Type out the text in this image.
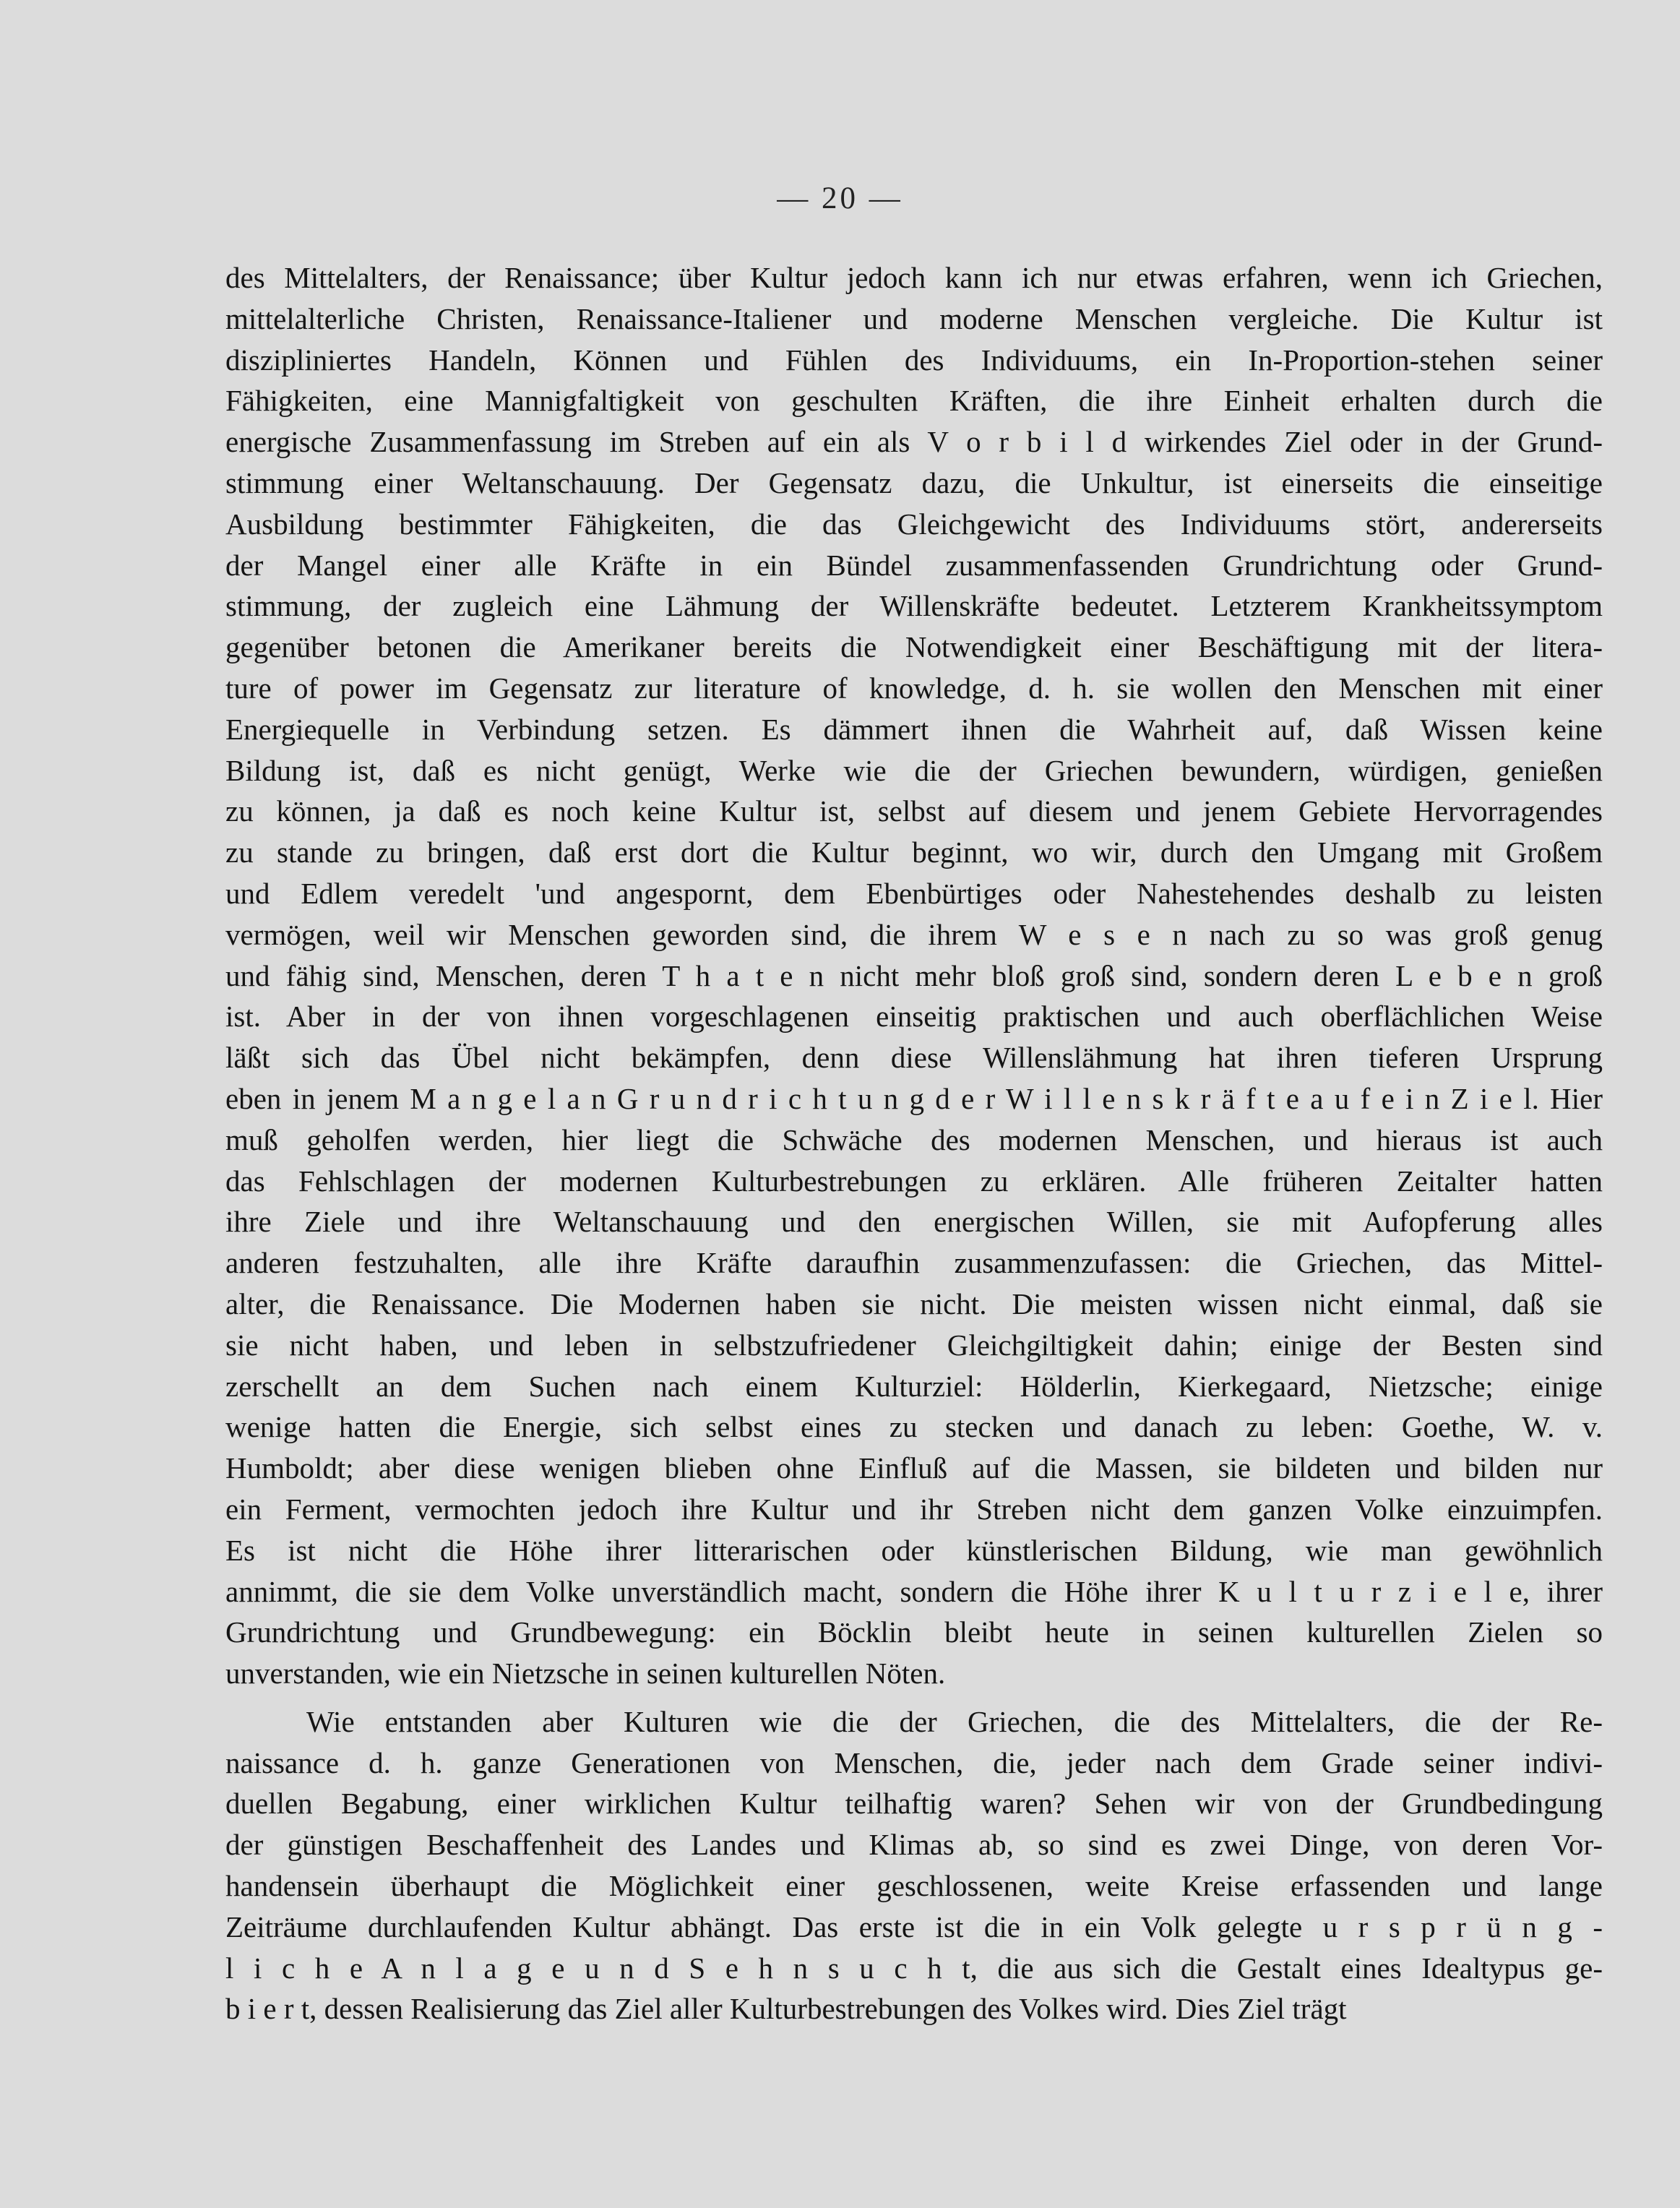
— 20 —
des Mittelalters, der Renaissance; über Kultur jedoch kann ich nur etwas erfahren, wenn ich Griechen,
mittelalterliche Christen, Renaissance-Italiener und moderne Menschen vergleiche. Die Kultur ist
diszipliniertes Handeln, Können und Fühlen des Individuums, ein In-Proportion-stehen seiner
Fähigkeiten, eine Mannigfaltigkeit von geschulten Kräften, die ihre Einheit erhalten durch die
energische Zusammenfassung im Streben auf ein als V o r b i l d wirkendes Ziel oder in der Grund-
stimmung einer Weltanschauung. Der Gegensatz dazu, die Unkultur, ist einerseits die einseitige
Ausbildung bestimmter Fähigkeiten, die das Gleichgewicht des Individuums stört, andererseits
der Mangel einer alle Kräfte in ein Bündel zusammenfassenden Grundrichtung oder Grund-
stimmung, der zugleich eine Lähmung der Willenskräfte bedeutet. Letzterem Krankheitssymptom
gegenüber betonen die Amerikaner bereits die Notwendigkeit einer Beschäftigung mit der litera-
ture of power im Gegensatz zur literature of knowledge, d. h. sie wollen den Menschen mit einer
Energiequelle in Verbindung setzen. Es dämmert ihnen die Wahrheit auf, daß Wissen keine
Bildung ist, daß es nicht genügt, Werke wie die der Griechen bewundern, würdigen, genießen
zu können, ja daß es noch keine Kultur ist, selbst auf diesem und jenem Gebiete Hervorragendes
zu stande zu bringen, daß erst dort die Kultur beginnt, wo wir, durch den Umgang mit Großem
und Edlem veredelt 'und angespornt, dem Ebenbürtiges oder Nahestehendes deshalb zu leisten
vermögen, weil wir Menschen geworden sind, die ihrem W e s e n nach zu so was groß genug
und fähig sind, Menschen, deren T h a t e n nicht mehr bloß groß sind, sondern deren L e b e n groß
ist. Aber in der von ihnen vorgeschlagenen einseitig praktischen und auch oberflächlichen Weise
läßt sich das Übel nicht bekämpfen, denn diese Willenslähmung hat ihren tieferen Ursprung
eben in jenem M a n g e l a n G r u n d r i c h t u n g d e r W i l l e n s k r ä f t e a u f e i n Z i e l. Hier
muß geholfen werden, hier liegt die Schwäche des modernen Menschen, und hieraus ist auch
das Fehlschlagen der modernen Kulturbestrebungen zu erklären. Alle früheren Zeitalter hatten
ihre Ziele und ihre Weltanschauung und den energischen Willen, sie mit Aufopferung alles
anderen festzuhalten, alle ihre Kräfte daraufhin zusammenzufassen: die Griechen, das Mittel-
alter, die Renaissance. Die Modernen haben sie nicht. Die meisten wissen nicht einmal, daß sie
sie nicht haben, und leben in selbstzufriedener Gleichgiltigkeit dahin; einige der Besten sind
zerschellt an dem Suchen nach einem Kulturziel: Hölderlin, Kierkegaard, Nietzsche; einige
wenige hatten die Energie, sich selbst eines zu stecken und danach zu leben: Goethe, W. v.
Humboldt; aber diese wenigen blieben ohne Einfluß auf die Massen, sie bildeten und bilden nur
ein Ferment, vermochten jedoch ihre Kultur und ihr Streben nicht dem ganzen Volke einzuimpfen.
Es ist nicht die Höhe ihrer litterarischen oder künstlerischen Bildung, wie man gewöhnlich
annimmt, die sie dem Volke unverständlich macht, sondern die Höhe ihrer K u l t u r z i e l e, ihrer
Grundrichtung und Grundbewegung: ein Böcklin bleibt heute in seinen kulturellen Zielen so
unverstanden, wie ein Nietzsche in seinen kulturellen Nöten.
Wie entstanden aber Kulturen wie die der Griechen, die des Mittelalters, die der Re-
naissance d. h. ganze Generationen von Menschen, die, jeder nach dem Grade seiner indivi-
duellen Begabung, einer wirklichen Kultur teilhaftig waren? Sehen wir von der Grundbedingung
der günstigen Beschaffenheit des Landes und Klimas ab, so sind es zwei Dinge, von deren Vor-
handensein überhaupt die Möglichkeit einer geschlossenen, weite Kreise erfassenden und lange
Zeiträume durchlaufenden Kultur abhängt. Das erste ist die in ein Volk gelegte u r s p r ü n g -
l i c h e A n l a g e u n d S e h n s u c h t, die aus sich die Gestalt eines Idealtypus ge-
b i e r t, dessen Realisierung das Ziel aller Kulturbestrebungen des Volkes wird. Dies Ziel trägt
